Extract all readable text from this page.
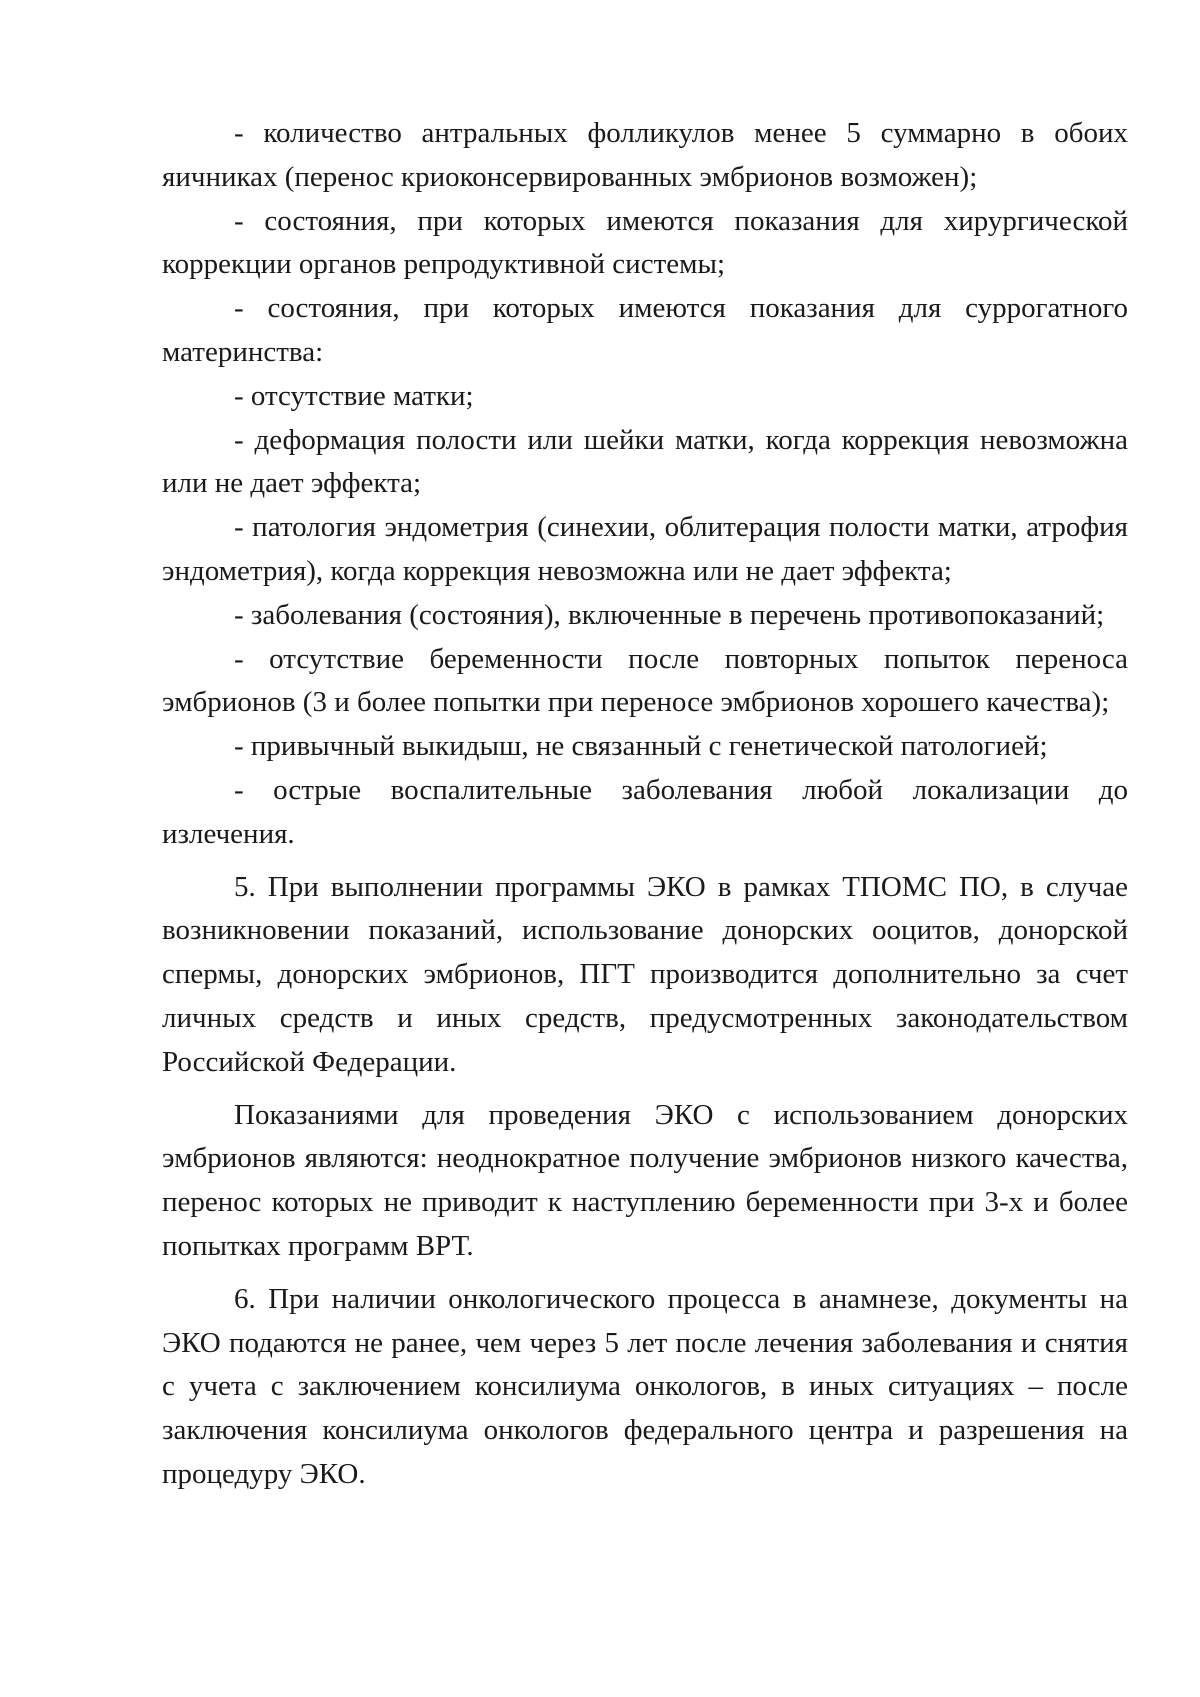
- количество антральных фолликулов менее 5 суммарно в обоих яичниках (перенос криоконсервированных эмбрионов возможен);

- состояния, при которых имеются показания для хирургической коррекции органов репродуктивной системы;

- состояния, при которых имеются показания для суррогатного материнства:

- отсутствие матки;

- деформация полости или шейки матки, когда коррекция невозможна или не дает эффекта;

- патология эндометрия (синехии, облитерация полости матки, атрофия эндометрия), когда коррекция невозможна или не дает эффекта;

- заболевания (состояния), включенные в перечень противопоказаний;

- отсутствие беременности после повторных попыток переноса эмбрионов (3 и более попытки при переносе эмбрионов хорошего качества);

- привычный выкидыш, не связанный с генетической патологией;

- острые воспалительные заболевания любой локализации до излечения.

5. При выполнении программы ЭКО в рамках ТПОМС ПО, в случае возникновении показаний, использование донорских ооцитов, донорской спермы, донорских эмбрионов, ПГТ производится дополнительно за счет личных средств и иных средств, предусмотренных законодательством Российской Федерации.

Показаниями для проведения ЭКО с использованием донорских эмбрионов являются: неоднократное получение эмбрионов низкого качества, перенос которых не приводит к наступлению беременности при 3-х и более попытках программ ВРТ.

6. При наличии онкологического процесса в анамнезе, документы на ЭКО подаются не ранее, чем через 5 лет после лечения заболевания и снятия с учета с заключением консилиума онкологов, в иных ситуациях – после заключения консилиума онкологов федерального центра и разрешения на процедуру ЭКО.
